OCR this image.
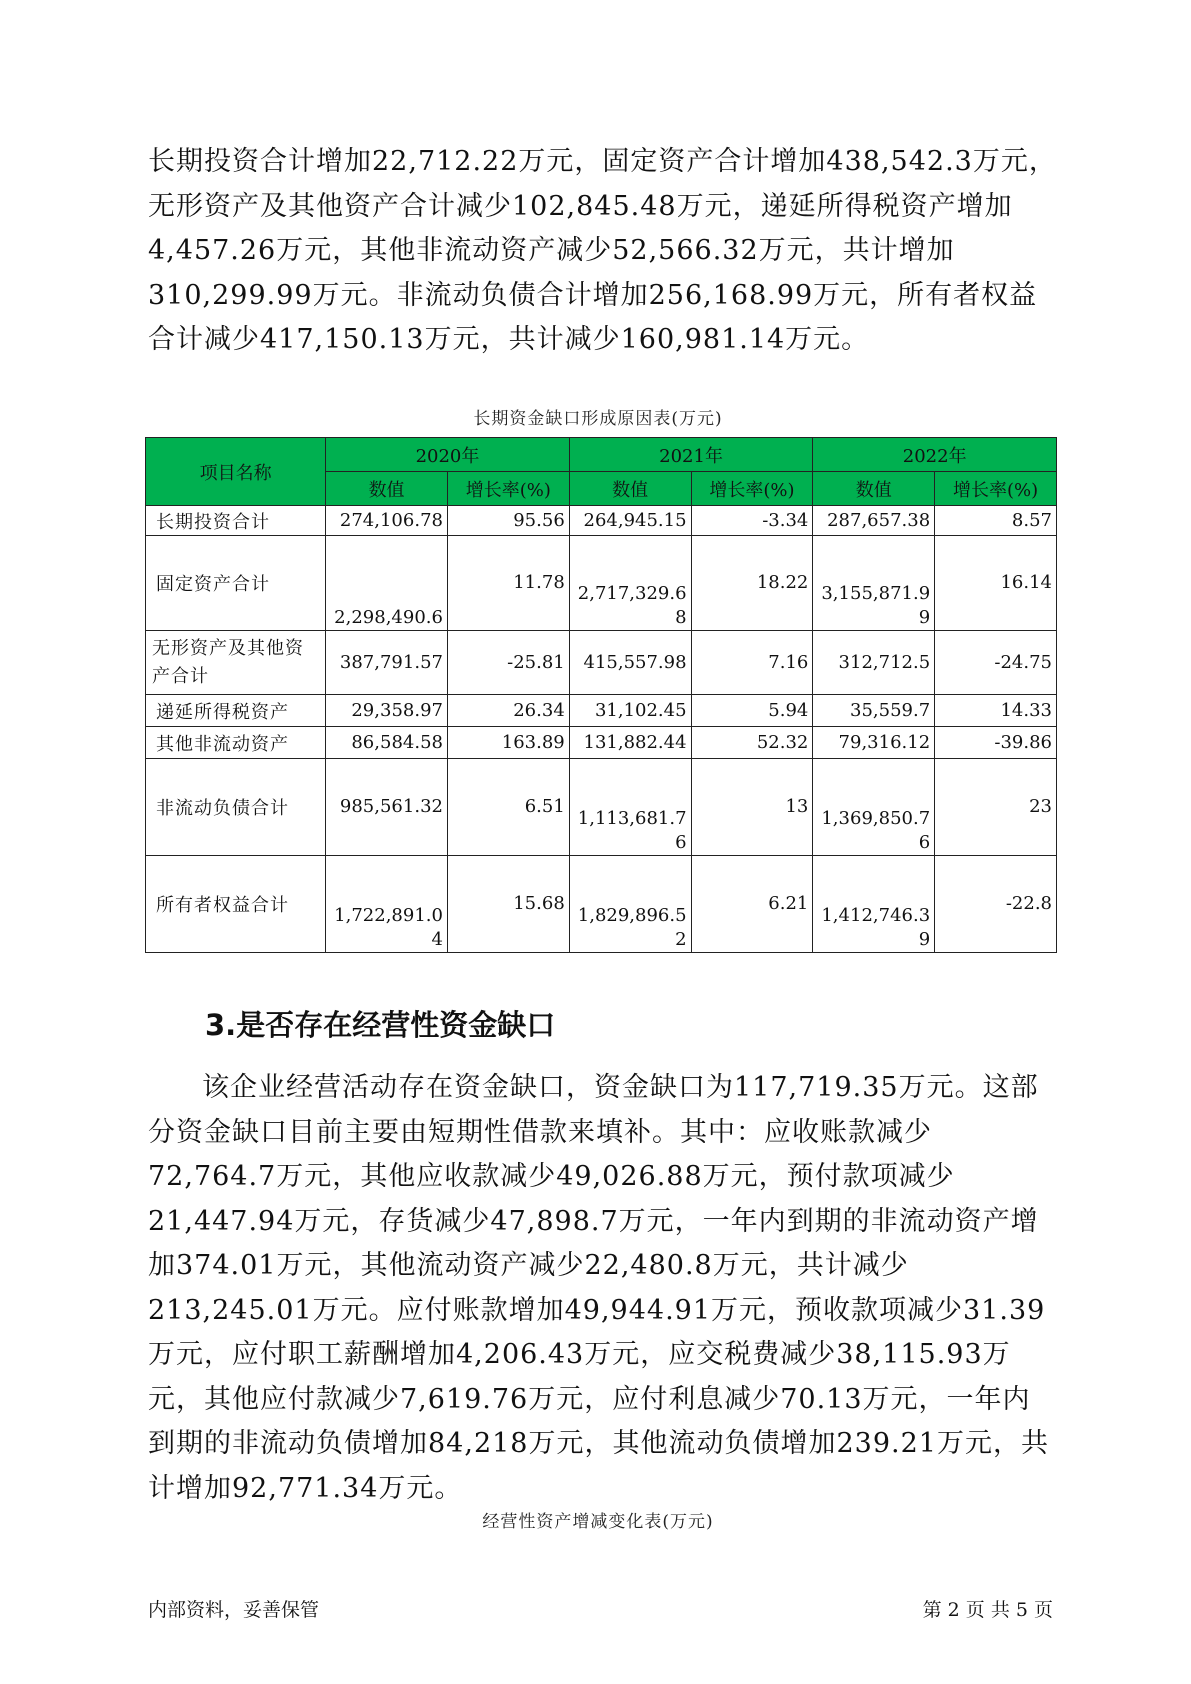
长期投资合计增加22,712.22万元，固定资产合计增加438,542.3万元，无形资产及其他资产合计减少102,845.48万元，递延所得税资产增加4,457.26万元，其他非流动资产减少52,566.32万元，共计增加310,299.99万元。非流动负债合计增加256,168.99万元，所有者权益合计减少417,150.13万元，共计减少160,981.14万元。

长期资金缺口形成原因表(万元)
项目名称	2020年		2021年		2022年	
	数值	增长率(%)	数值	增长率(%)	数值	增长率(%)
长期投资合计	274,106.78	95.56	264,945.15	-3.34	287,657.38	8.57
固定资产合计	2,298,490.6	11.78	2,717,329.68	18.22	3,155,871.99	16.14
无形资产及其他资产合计	387,791.57	-25.81	415,557.98	7.16	312,712.5	-24.75
递延所得税资产	29,358.97	26.34	31,102.45	5.94	35,559.7	14.33
其他非流动资产	86,584.58	163.89	131,882.44	52.32	79,316.12	-39.86
非流动负债合计	985,561.32	6.51	1,113,681.76	13	1,369,850.76	23
所有者权益合计	1,722,891.04	15.68	1,829,896.52	6.21	1,412,746.39	-22.8
3.是否存在经营性资金缺口

该企业经营活动存在资金缺口，资金缺口为117,719.35万元。这部分资金缺口目前主要由短期性借款来填补。其中：应收账款减少72,764.7万元，其他应收款减少49,026.88万元，预付款项减少21,447.94万元，存货减少47,898.7万元，一年内到期的非流动资产增加374.01万元，其他流动资产减少22,480.8万元，共计减少213,245.01万元。应付账款增加49,944.91万元，预收款项减少31.39万元，应付职工薪酬增加4,206.43万元，应交税费减少38,115.93万元，其他应付款减少7,619.76万元，应付利息减少70.13万元，一年内到期的非流动负债增加84,218万元，其他流动负债增加239.21万元，共计增加92,771.34万元。

经营性资产增减变化表(万元)
内部资料，妥善保管	第 2 页 共 5 页
